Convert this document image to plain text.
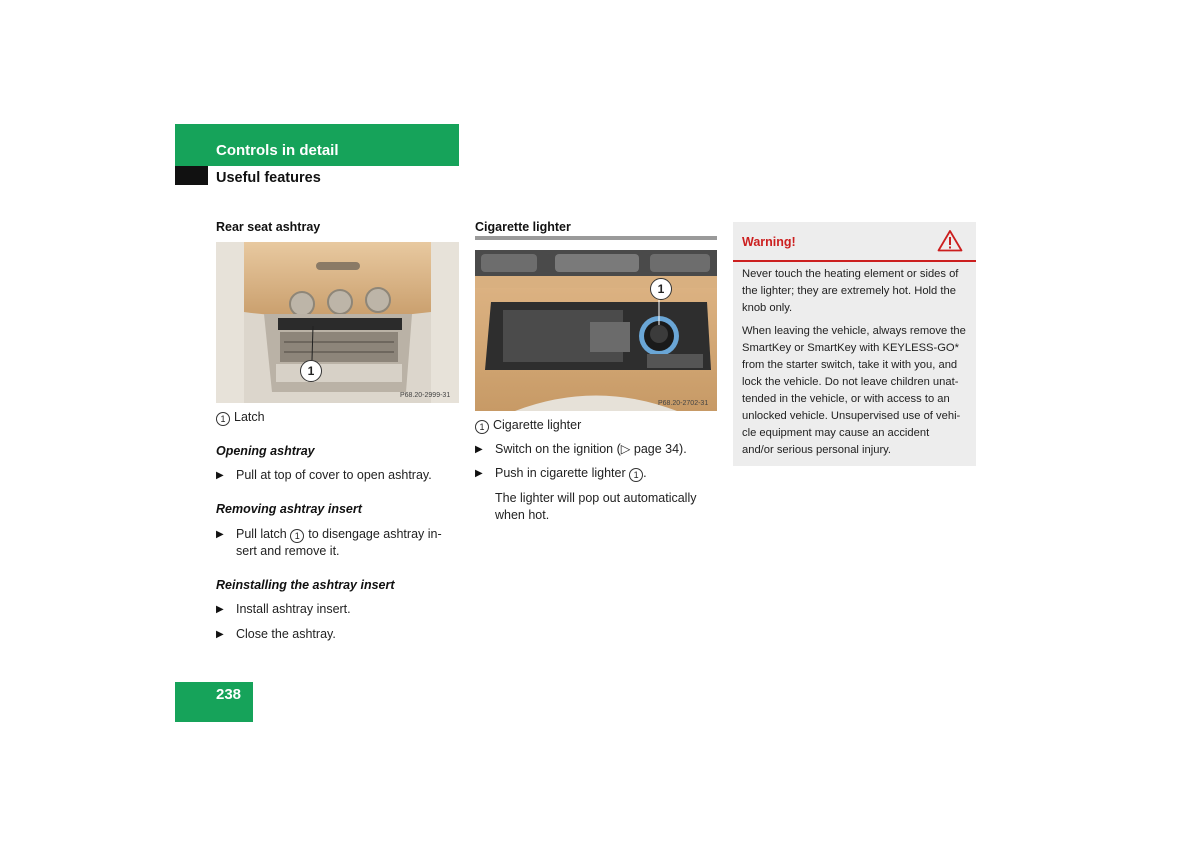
Controls in detail
Useful features
Rear seat ashtray
1
P68.20-2999-31
1 Latch
Opening ashtray
▶ Pull at top of cover to open ashtray.
Removing ashtray insert
▶ Pull latch 1 to disengage ashtray in-
sert and remove it.
Reinstalling the ashtray insert
▶ Install ashtray insert.
▶ Close the ashtray.
Cigarette lighter
1
P68.20-2702-31
1 Cigarette lighter
▶ Switch on the ignition (▷ page 34).
▶ Push in cigarette lighter 1 .
The lighter will pop out automatically
when hot.
Warning!
Never touch the heating element or sides of
the lighter; they are extremely hot. Hold the
knob only.
When leaving the vehicle, always remove the
SmartKey or SmartKey with KEYLESS-GO*
from the starter switch, take it with you, and
lock the vehicle. Do not leave children unat-
tended in the vehicle, or with access to an
unlocked vehicle. Unsupervised use of vehi-
cle equipment may cause an accident
and/or serious personal injury.
238
